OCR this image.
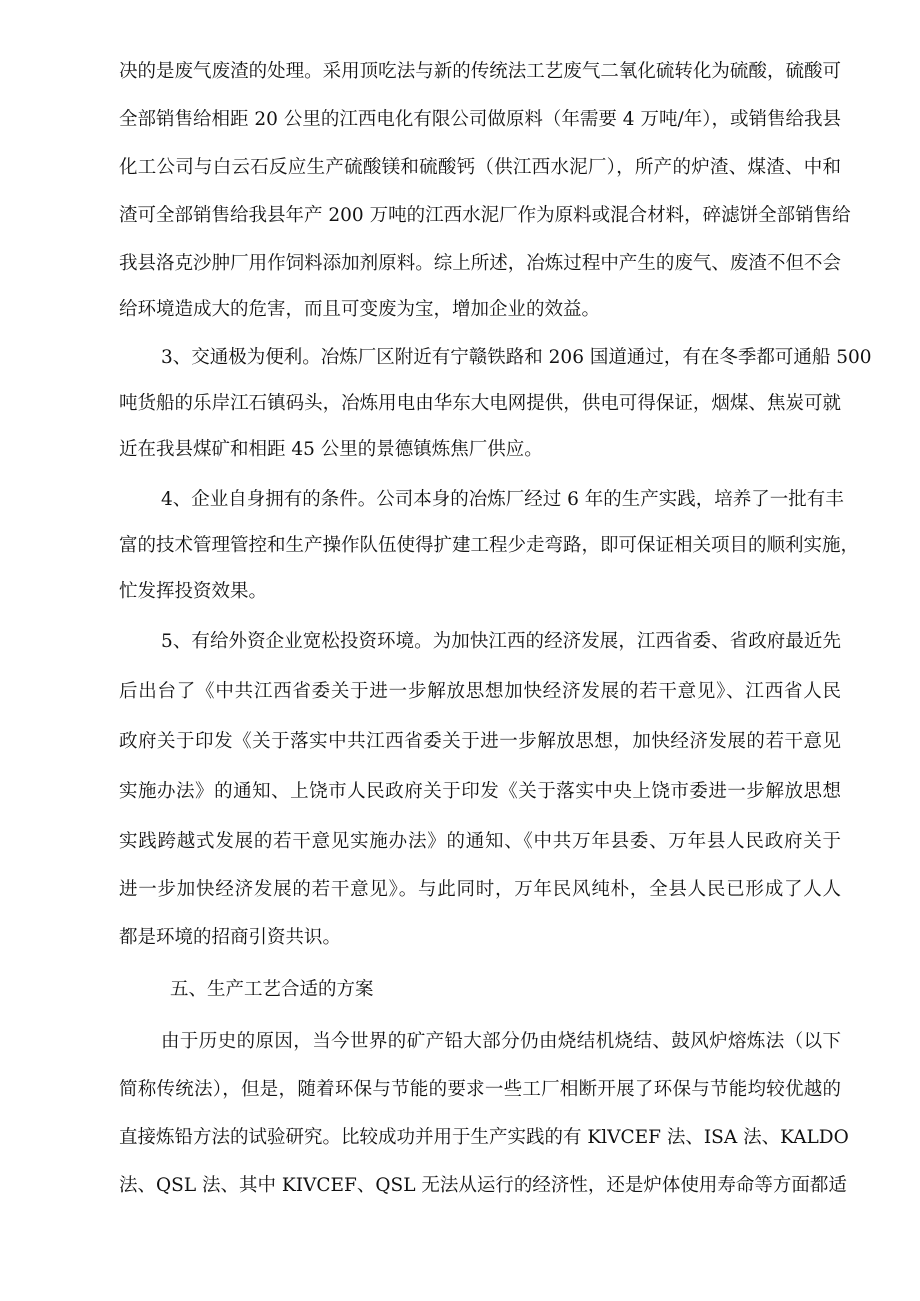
决的是废气废渣的处理。采用顶吃法与新的传统法工艺废气二氧化硫转化为硫酸，硫酸可
全部销售给相距 20 公里的江西电化有限公司做原料（年需要 4 万吨/年），或销售给我县
化工公司与白云石反应生产硫酸镁和硫酸钙（供江西水泥厂），所产的炉渣、煤渣、中和
渣可全部销售给我县年产 200 万吨的江西水泥厂作为原料或混合材料，碎滤饼全部销售给
我县洛克沙肿厂用作饲料添加剂原料。综上所述，冶炼过程中产生的废气、废渣不但不会
给环境造成大的危害，而且可变废为宝，增加企业的效益。
3、交通极为便利。冶炼厂区附近有宁赣铁路和 206 国道通过，有在冬季都可通船 500
吨货船的乐岸江石镇码头，冶炼用电由华东大电网提供，供电可得保证，烟煤、焦炭可就
近在我县煤矿和相距 45 公里的景德镇炼焦厂供应。
4、企业自身拥有的条件。公司本身的冶炼厂经过 6 年的生产实践，培养了一批有丰
富的技术管理管控和生产操作队伍使得扩建工程少走弯路，即可保证相关项目的顺利实施，
忙发挥投资效果。
5、有给外资企业宽松投资环境。为加快江西的经济发展，江西省委、省政府最近先
后出台了《中共江西省委关于进一步解放思想加快经济发展的若干意见》、江西省人民
政府关于印发《关于落实中共江西省委关于进一步解放思想，加快经济发展的若干意见
实施办法》的通知、上饶市人民政府关于印发《关于落实中央上饶市委进一步解放思想
实践跨越式发展的若干意见实施办法》的通知、《中共万年县委、万年县人民政府关于
进一步加快经济发展的若干意见》。与此同时，万年民风纯朴，全县人民已形成了人人
都是环境的招商引资共识。
五、生产工艺合适的方案
由于历史的原因，当今世界的矿产铅大部分仍由烧结机烧结、鼓风炉熔炼法（以下
简称传统法），但是，随着环保与节能的要求一些工厂相断开展了环保与节能均较优越的
直接炼铅方法的试验研究。比较成功并用于生产实践的有 KlVCEF 法、ISA 法、KALDO
法、QSL 法、其中 KIVCEF、QSL 无法从运行的经济性，还是炉体使用寿命等方面都适
